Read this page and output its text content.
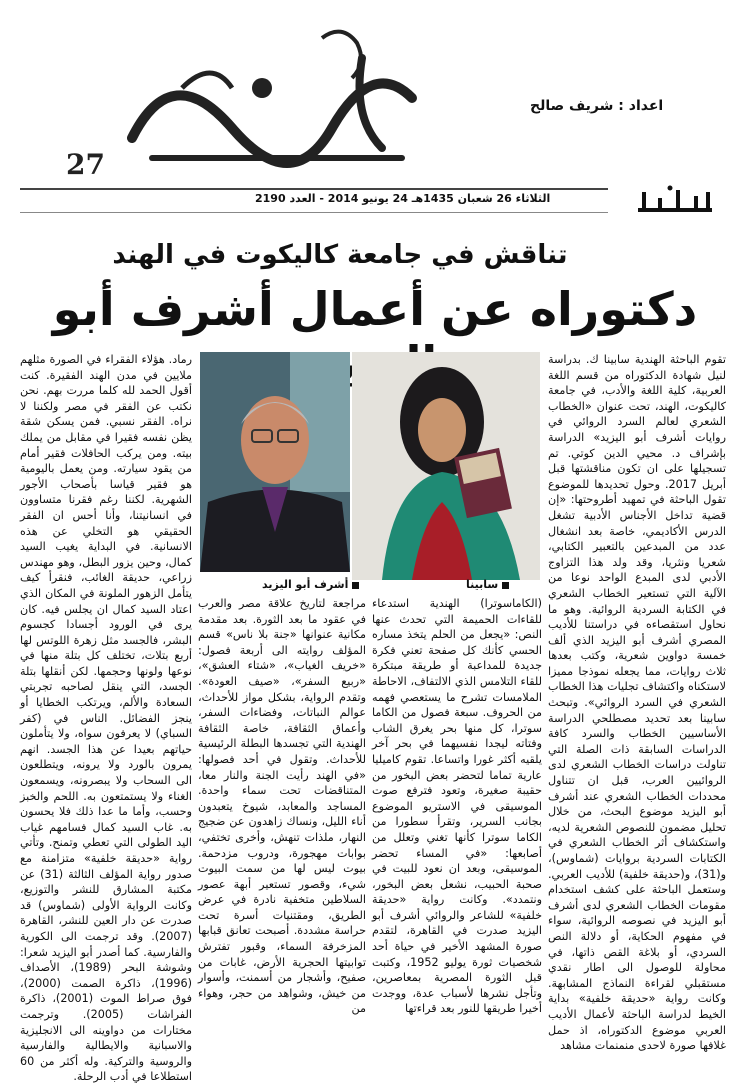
27
اعداد : شريف صالح
الثلاثاء 26 شعبان 1435هـ 24 يونيو 2014 - العدد 2190
تناقش في جامعة كاليكوت في الهند
دكتوراه عن أعمال أشرف أبو
سابينا
أشرف أبو اليزيد
تقوم الباحثة الهندية سابينا ك. بدراسة لنيل شهادة الدكتوراه من قسم اللغة العربية، كلية اللغة والأدب، في جامعة كاليكوت، الهند، تحت عنوان «الخطاب الشعري لعالم السرد الروائي في روايات أشرف أبو اليزيد» الدراسة بإشراف د. محيي الدين كوتي. تم تسجيلها على ان تكون مناقشتها قبل أبريل 2017. وحول تحديدها للموضوع تقول الباحثة في تمهيد أطروحتها: «إن قضية تداخل الأجناس الأدبية تشغل الدرس الأكاديمي، خاصة بعد انشغال عدد من المبدعين بالتعبير الكتابي، شعريا ونثريا، وقد ولد هذا التزاوج الأدبي لدى المبدع الواحد نوعا من الآلية التي تستعير الخطاب الشعري في الكتابة السردية الروائية. وهو ما نحاول استقصاءه في دراستنا للأديب المصري أشرف أبو اليزيد الذي ألف خمسة دواوين شعرية، وكتب بعدها ثلاث روايات، مما يجعله نموذجا مميزا لاستكناه واكتشاف تجليات هذا الخطاب الشعري في السرد الروائي». وتبحث سابينا بعد تحديد مصطلحي الدراسة الأساسيين الخطاب والسرد كافة الدراسات السابقة ذات الصلة التي تناولت دراسات الخطاب الشعري لدى الروائيين العرب، قبل ان تتناول محددات الخطاب الشعري عند أشرف أبو اليزيد موضوع البحث، من خلال تحليل مضمون للنصوص الشعرية لديه، واستكشاف أثر الخطاب الشعري في الكتابات السردية بروايات (شماوس)، و(31)، و(حديقة خلفية) للأديب العربي. وستعمل الباحثة على كشف استخدام مقومات الخطاب الشعري لدى أشرف أبو اليزيد في نصوصه الروائية، سواء في مفهوم الحكاية، أو دلالة النص السردي، أو بلاغة القص ذاتها، في محاولة للوصول الى اطار نقدي مستقبلي لقراءة النماذج المشابهة. وكانت رواية «حديقة خلفية» بداية الخيط لدراسة الباحثة لأعمال الأديب العربي موضوع الدكتوراه، اذ حمل غلافها صورة لاحدى منمنمات مشاهد
(الكاماسوترا) الهندية استدعاء للقاءات الحميمة التي تحدث عنها النص: «يجعل من الحلم يتخذ مساره الحسي كأنك كل صفحة تعني فكرة جديدة للمداعبة أو طريقة مبتكرة للقاء التلامس الذي الالتفاف، الاحاطة الملامسات تشرح ما يستعصي فهمه من الحروف. سبعة فصول من الكاما سوترا، كل منها بحر يغرق الشاب وفتاته ليجدا نفسيهما في بحر آخر يلقيه أكثر غورا واتساعا. تقوم كاميليا عارية تماما لتحضر بعض البخور من حقيبة صغيرة، وتعود فترفع صوت الموسيقى في الاستريو الموضوع بجانب السرير، وتقرأ سطورا من الكاما سوترا كأنها تغني وتعلل من أصابعها: «في المساء تحضر الموسيقى، وبعد ان نعود للبيت في صحبة الحبيب، نشعل بعض البخور، ونتمدد». وكانت رواية «حديقة خلفية» للشاعر والروائي أشرف أبو اليزيد صدرت في القاهرة، لتقدم صورة المشهد الأخير في حياة أحد شخصيات ثورة يوليو 1952، وكتبت قبل الثورة المصرية بمعاصرين، وتأجل نشرها لأسباب عدة، ووجدت أخيرا طريقها للنور بعد قراءتها
مراجعة لتاريخ علاقة مصر والعرب في عقود ما بعد الثورة. بعد مقدمة مكانية عنوانها «جنة بلا ناس» قسم المؤلف روايته الى أربعة فصول: «خريف الغياب»، «شتاء العشق»، «ربيع السفر»، «صيف العودة». وتقدم الرواية، بشكل مواز للأحداث، عوالم النباتات، وفضاءات السفر، وأعماق الثقافة، خاصة الثقافة الهندية التي تجسدها البطلة الرئيسية للأحداث. وتقول في أحد فصولها: «في الهند رأيت الجنة والنار معا، المتناقضات تحت سماء واحدة. المساجد والمعابد، شيوخ يتعبدون أناء الليل، ونساك زاهدون عن ضجيج النهار، ملذات تنهش، وأخرى تختفي، بوابات مهجورة، ودروب مزدحمة. بيوت ليس لها من سمت البيوت شيء، وقصور تستعير أبهة عصور السلاطين متخفية نادرة في عرض الطريق، ومقتنيات أسرة تحت حراسة مشددة. أصبحت تعانق قبابها المزخرفة السماء، وقبور تفترش توابيتها الحجرية الأرض، غابات من صفيح، وأشجار من أسمنت، وأسوار من خيش، وشواهد من حجر، وهواء من
رماد. هؤلاء الفقراء في الصورة مثلهم ملايين في مدن الهند الفقيرة. كنت أقول الحمد لله كلما مررت بهم. نحن نكتب عن الفقر في مصر ولكننا لا نراه. الفقر نسبي. فمن يسكن شقة يظن نفسه فقيرا في مقابل من يملك بيته. ومن يركب الحافلات فقير أمام من يقود سيارته. ومن يعمل باليومية هو فقير قياسا بأصحاب الأجور الشهرية. لكننا رغم فقرنا متساوون في انسانيتنا، وأنا أحس ان الفقر الحقيقي هو التخلي عن هذه الانسانية. في البداية يغيب السيد كمال، وحين يزور البطل، وهو مهندس زراعي، حديقة الغائب، فنقرأ كيف يتأمل الزهور الملونة في المكان الذي اعتاد السيد كمال ان يجلس فيه. كان يرى في الورود أجسادا كجسوم البشر، فالجسد مثل زهرة اللوتس لها أربع بتلات، تختلف كل بتلة منها في نوعها ولونها وحجمها. لكن أنقلها بتلة الجسد، التي ينقل لصاحبه تجربتي السعادة والألم، ويرتكب الخطايا أو ينجز الفضائل. الناس في (كفر السباي) لا يعرفون سواه، ولا يتأملون حياتهم بعيدا عن هذا الجسد. انهم يمرون بالورد ولا يرونه، ويتطلعون الى السحاب ولا يبصرونه، ويسمعون الغناء ولا يستمتعون به. اللحم والخبز وحسب، وأما ما عدا ذلك فلا يحسون به. غاب السيد كمال فسامهم غياب اليد الطولى التي تعطي وتمنح. وتأتي رواية «حديقة خلفية» متزامنة مع صدور رواية المؤلف الثالثة (31) عن مكتبة المشارق للنشر والتوزيع، وكانت الرواية الأولى (شماوس) قد صدرت عن دار العين للنشر، القاهرة (2007). وقد ترجمت الى الكورية والفارسية. كما أصدر أبو اليزيد شعرا: وشوشة البحر (1989)، الأصداف (1996)، ذاكرة الصمت (2000)، فوق صراط الموت (2001)، ذاكرة الفراشات (2005). وترجمت مختارات من دواوينه الى الانجليزية والاسبانية والايطالية والفارسية والروسية والتركية. وله أكثر من 60 استطلاعا في أدب الرحلة.
